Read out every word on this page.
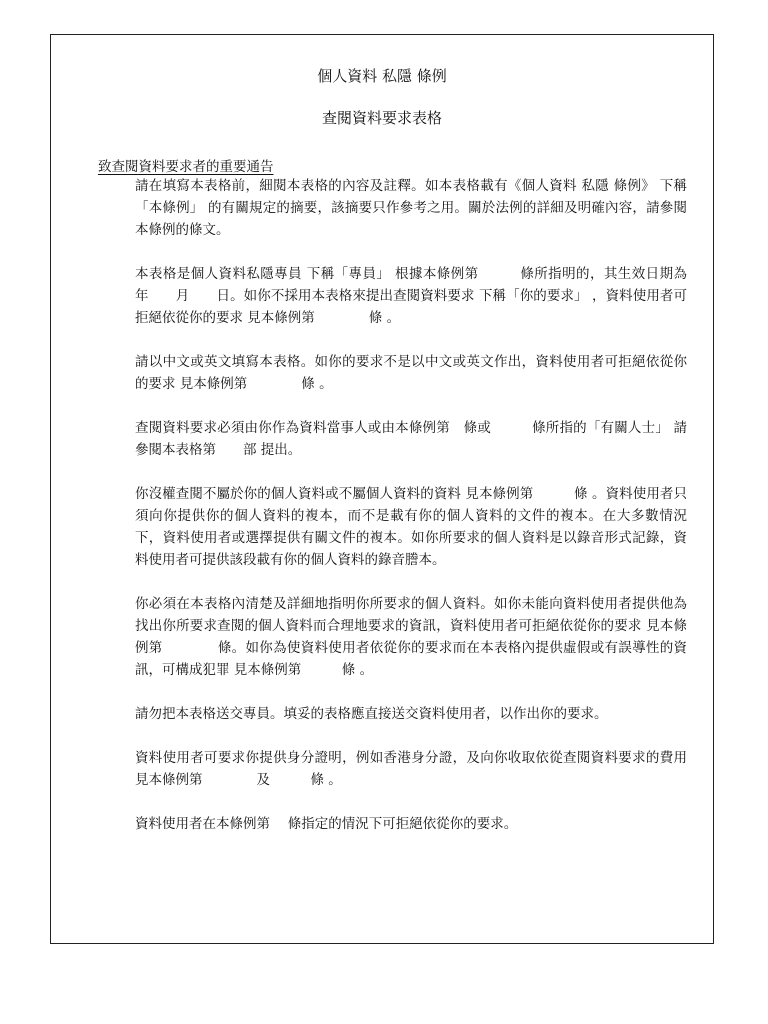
個人資料 私隱 條例
查閱資料要求表格
致查閱資料要求者的重要通告

請在填寫本表格前，細閱本表格的內容及註釋。如本表格載有《個人資料 私隱 條例》 下稱「本條例」 的有關規定的摘要，該摘要只作參考之用。關於法例的詳細及明確內容，請參閱本條例的條文。

本表格是個人資料私隱專員 下稱「專員」 根據本條例第　　　條所指明的，其生效日期為　　　年　　月　　日。如你不採用本表格來提出查閱資料要求 下稱「你的要求」 ，資料使用者可拒絕依從你的要求 見本條例第　　　　條 。

請以中文或英文填寫本表格。如你的要求不是以中文或英文作出，資料使用者可拒絕依從你的要求 見本條例第　　　　條 。

查閱資料要求必須由你作為資料當事人或由本條例第　條或　　　條所指的「有關人士」 請參閱本表格第　　部 提出。

你沒權查閱不屬於你的個人資料或不屬個人資料的資料 見本條例第　　　條 。資料使用者只須向你提供你的個人資料的複本，而不是載有你的個人資料的文件的複本。在大多數情況下，資料使用者或選擇提供有關文件的複本。如你所要求的個人資料是以錄音形式記錄，資料使用者可提供該段載有你的個人資料的錄音謄本。

你必須在本表格內清楚及詳細地指明你所要求的個人資料。如你未能向資料使用者提供他為找出你所要求查閱的個人資料而合理地要求的資訊，資料使用者可拒絕依從你的要求 見本條例第　　　　條。如你為使資料使用者依從你的要求而在本表格內提供虛假或有誤導性的資訊，可構成犯罪 見本條例第　　　條 。

請勿把本表格送交專員。填妥的表格應直接送交資料使用者，以作出你的要求。

資料使用者可要求你提供身分證明，例如香港身分證，及向你收取依從查閱資料要求的費用 見本條例第　　　　及　　　條 。

資料使用者在本條例第　 條指定的情況下可拒絕依從你的要求。
